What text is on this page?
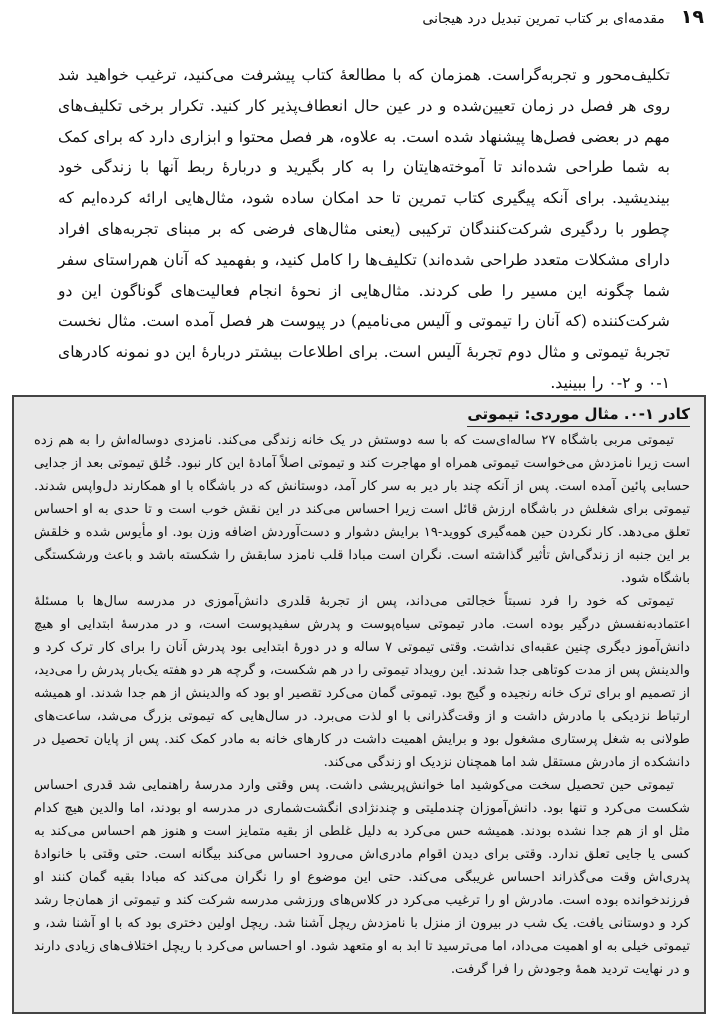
۱۹
مقدمه‌ای بر کتاب تمرین تبدیل درد هیجانی

تکلیف‌محور و تجربه‌گراست. همزمان که با مطالعهٔ کتاب پیشرفت می‌کنید، ترغیب خواهید شد روی هر فصل در زمان تعیین‌شده و در عین حال انعطاف‌پذیر کار کنید. تکرار برخی تکلیف‌های مهم در بعضی فصل‌ها پیشنهاد شده است. به علاوه، هر فصل محتوا و ابزاری دارد که برای کمک به شما طراحی شده‌اند تا آموخته‌هایتان را به کار بگیرید و دربارهٔ ربط آنها با زندگی خود بیندیشید. برای آنکه پیگیری کتاب تمرین تا حد امکان ساده شود، مثال‌هایی ارائه کرده‌ایم که چطور با ردگیری شرکت‌کنندگان ترکیبی (یعنی مثال‌های فرضی که بر مبنای تجربه‌های افراد دارای مشکلات متعدد طراحی شده‌اند) تکلیف‌ها را کامل کنید، و بفهمید که آنان هم‌راستای سفر شما چگونه این مسیر را طی کردند. مثال‌هایی از نحوهٔ انجام فعالیت‌های گوناگون این دو شرکت‌کننده (که آنان را تیموتی و آلیس می‌نامیم) در پیوست هر فصل آمده است. مثال نخست تجربهٔ تیموتی و مثال دوم تجربهٔ آلیس است. برای اطلاعات بیشتر دربارهٔ این دو نمونه کادرهای ۱-۰ و ۲-۰ را ببینید.

کادر ۱-۰. مثال موردی: تیموتی

تیموتی مربی باشگاه ۲۷ ساله‌ای‌ست که با سه دوستش در یک خانه زندگی می‌کند. نامزدی دوساله‌اش را به هم زده است زیرا نامزدش می‌خواست تیموتی همراه او مهاجرت کند و تیموتی اصلاً آمادهٔ این کار نبود. خُلق تیموتی بعد از جدایی حسابی پائین آمده است. پس از آنکه چند بار دیر به سر کار آمد، دوستانش که در باشگاه با او همکارند دل‌واپس شدند. تیموتی برای شغلش در باشگاه ارزش قائل است زیرا احساس می‌کند در این نقش خوب است و تا حدی به او احساس تعلق می‌دهد. کار نکردن حین همه‌گیری کووید-۱۹ برایش دشوار و دست‌آوردش اضافه وزن بود. او مأیوس شده و خلقش بر این جنبه از زندگی‌اش تأثیر گذاشته است. نگران است مبادا قلب نامزد سابقش را شکسته باشد و باعث ورشکستگی باشگاه شود.

تیموتی که خود را فرد نسبتاً خجالتی می‌داند، پس از تجربهٔ قلدری دانش‌آموزی در مدرسه سال‌ها با مسئلهٔ اعتمادبه‌نفسش درگیر بوده است. مادر تیموتی سیاه‌پوست و پدرش سفیدپوست است، و در مدرسهٔ ابتدایی او هیچ دانش‌آموز دیگری چنین عقبه‌ای نداشت. وقتی تیموتی ۷ ساله و در دورهٔ ابتدایی بود پدرش آنان را برای کار ترک کرد و والدینش پس از مدت کوتاهی جدا شدند. این رویداد تیموتی را در هم شکست، و گرچه هر دو هفته یک‌بار پدرش را می‌دید، از تصمیم او برای ترک خانه رنجیده و گیج بود. تیموتی گمان می‌کرد تقصیر او بود که والدینش از هم جدا شدند. او همیشه ارتباط نزدیکی با مادرش داشت و از وقت‌گذرانی با او لذت می‌برد. در سال‌هایی که تیموتی بزرگ می‌شد، ساعت‌های طولانی به شغل پرستاری مشغول بود و برایش اهمیت داشت در کارهای خانه به مادر کمک کند. پس از پایان تحصیل در دانشکده از مادرش مستقل شد اما همچنان نزدیک او زندگی می‌کند.

تیموتی حین تحصیل سخت می‌کوشید اما خوانش‌پریشی داشت. پس وقتی وارد مدرسهٔ راهنمایی شد قدری احساس شکست می‌کرد و تنها بود. دانش‌آموزان چندملیتی و چندنژادی انگشت‌شماری در مدرسه او بودند، اما والدین هیچ کدام مثل او از هم جدا نشده بودند. همیشه حس می‌کرد به دلیل غلطی از بقیه متمایز است و هنوز هم احساس می‌کند به کسی یا جایی تعلق ندارد. وقتی برای دیدن اقوام مادری‌اش می‌رود احساس می‌کند بیگانه است. حتی وقتی با خانوادهٔ پدری‌اش وقت می‌گذراند احساس غریبگی می‌کند. حتی این موضوع او را نگران می‌کند که مبادا بقیه گمان کنند او فرزندخوانده بوده است. مادرش او را ترغیب می‌کرد در کلاس‌های ورزشی مدرسه شرکت کند و تیموتی از همان‌جا رشد کرد و دوستانی یافت. یک شب در بیرون از منزل با نامزدش ریچل آشنا شد. ریچل اولین دختری بود که با او آشنا شد، و تیموتی خیلی به او اهمیت می‌داد، اما می‌ترسید تا ابد به او متعهد شود. او احساس می‌کرد با ریچل اختلاف‌های زیادی دارند و در نهایت تردید همهٔ وجودش را فرا گرفت.
